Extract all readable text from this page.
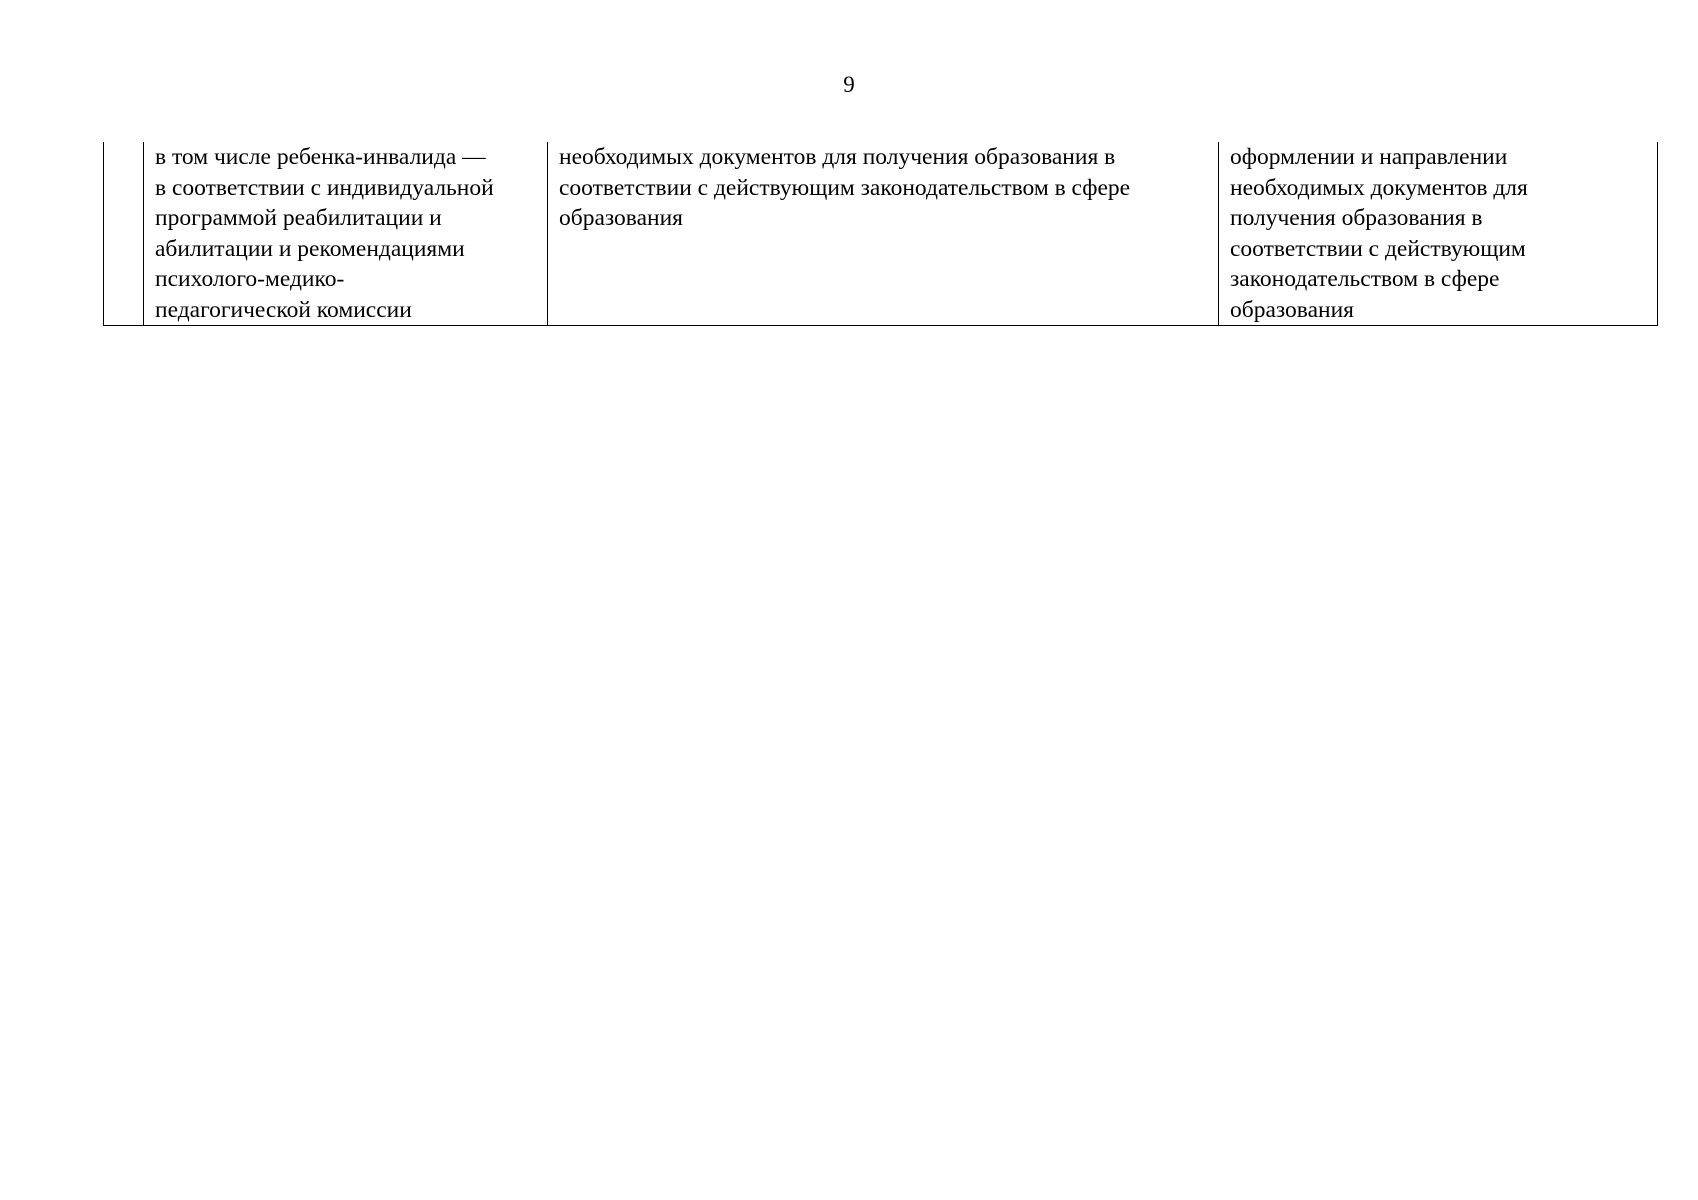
9

в том числе ребенка-инвалида —
в соответствии с индивидуальной
программой реабилитации и
абилитации и рекомендациями
психолого-медико-
педагогической комиссии

необходимых документов для получения образования в
соответствии с действующим законодательством в сфере
образования

оформлении и направлении
необходимых документов для
получения образования в
соответствии с действующим
законодательством в сфере
образования
